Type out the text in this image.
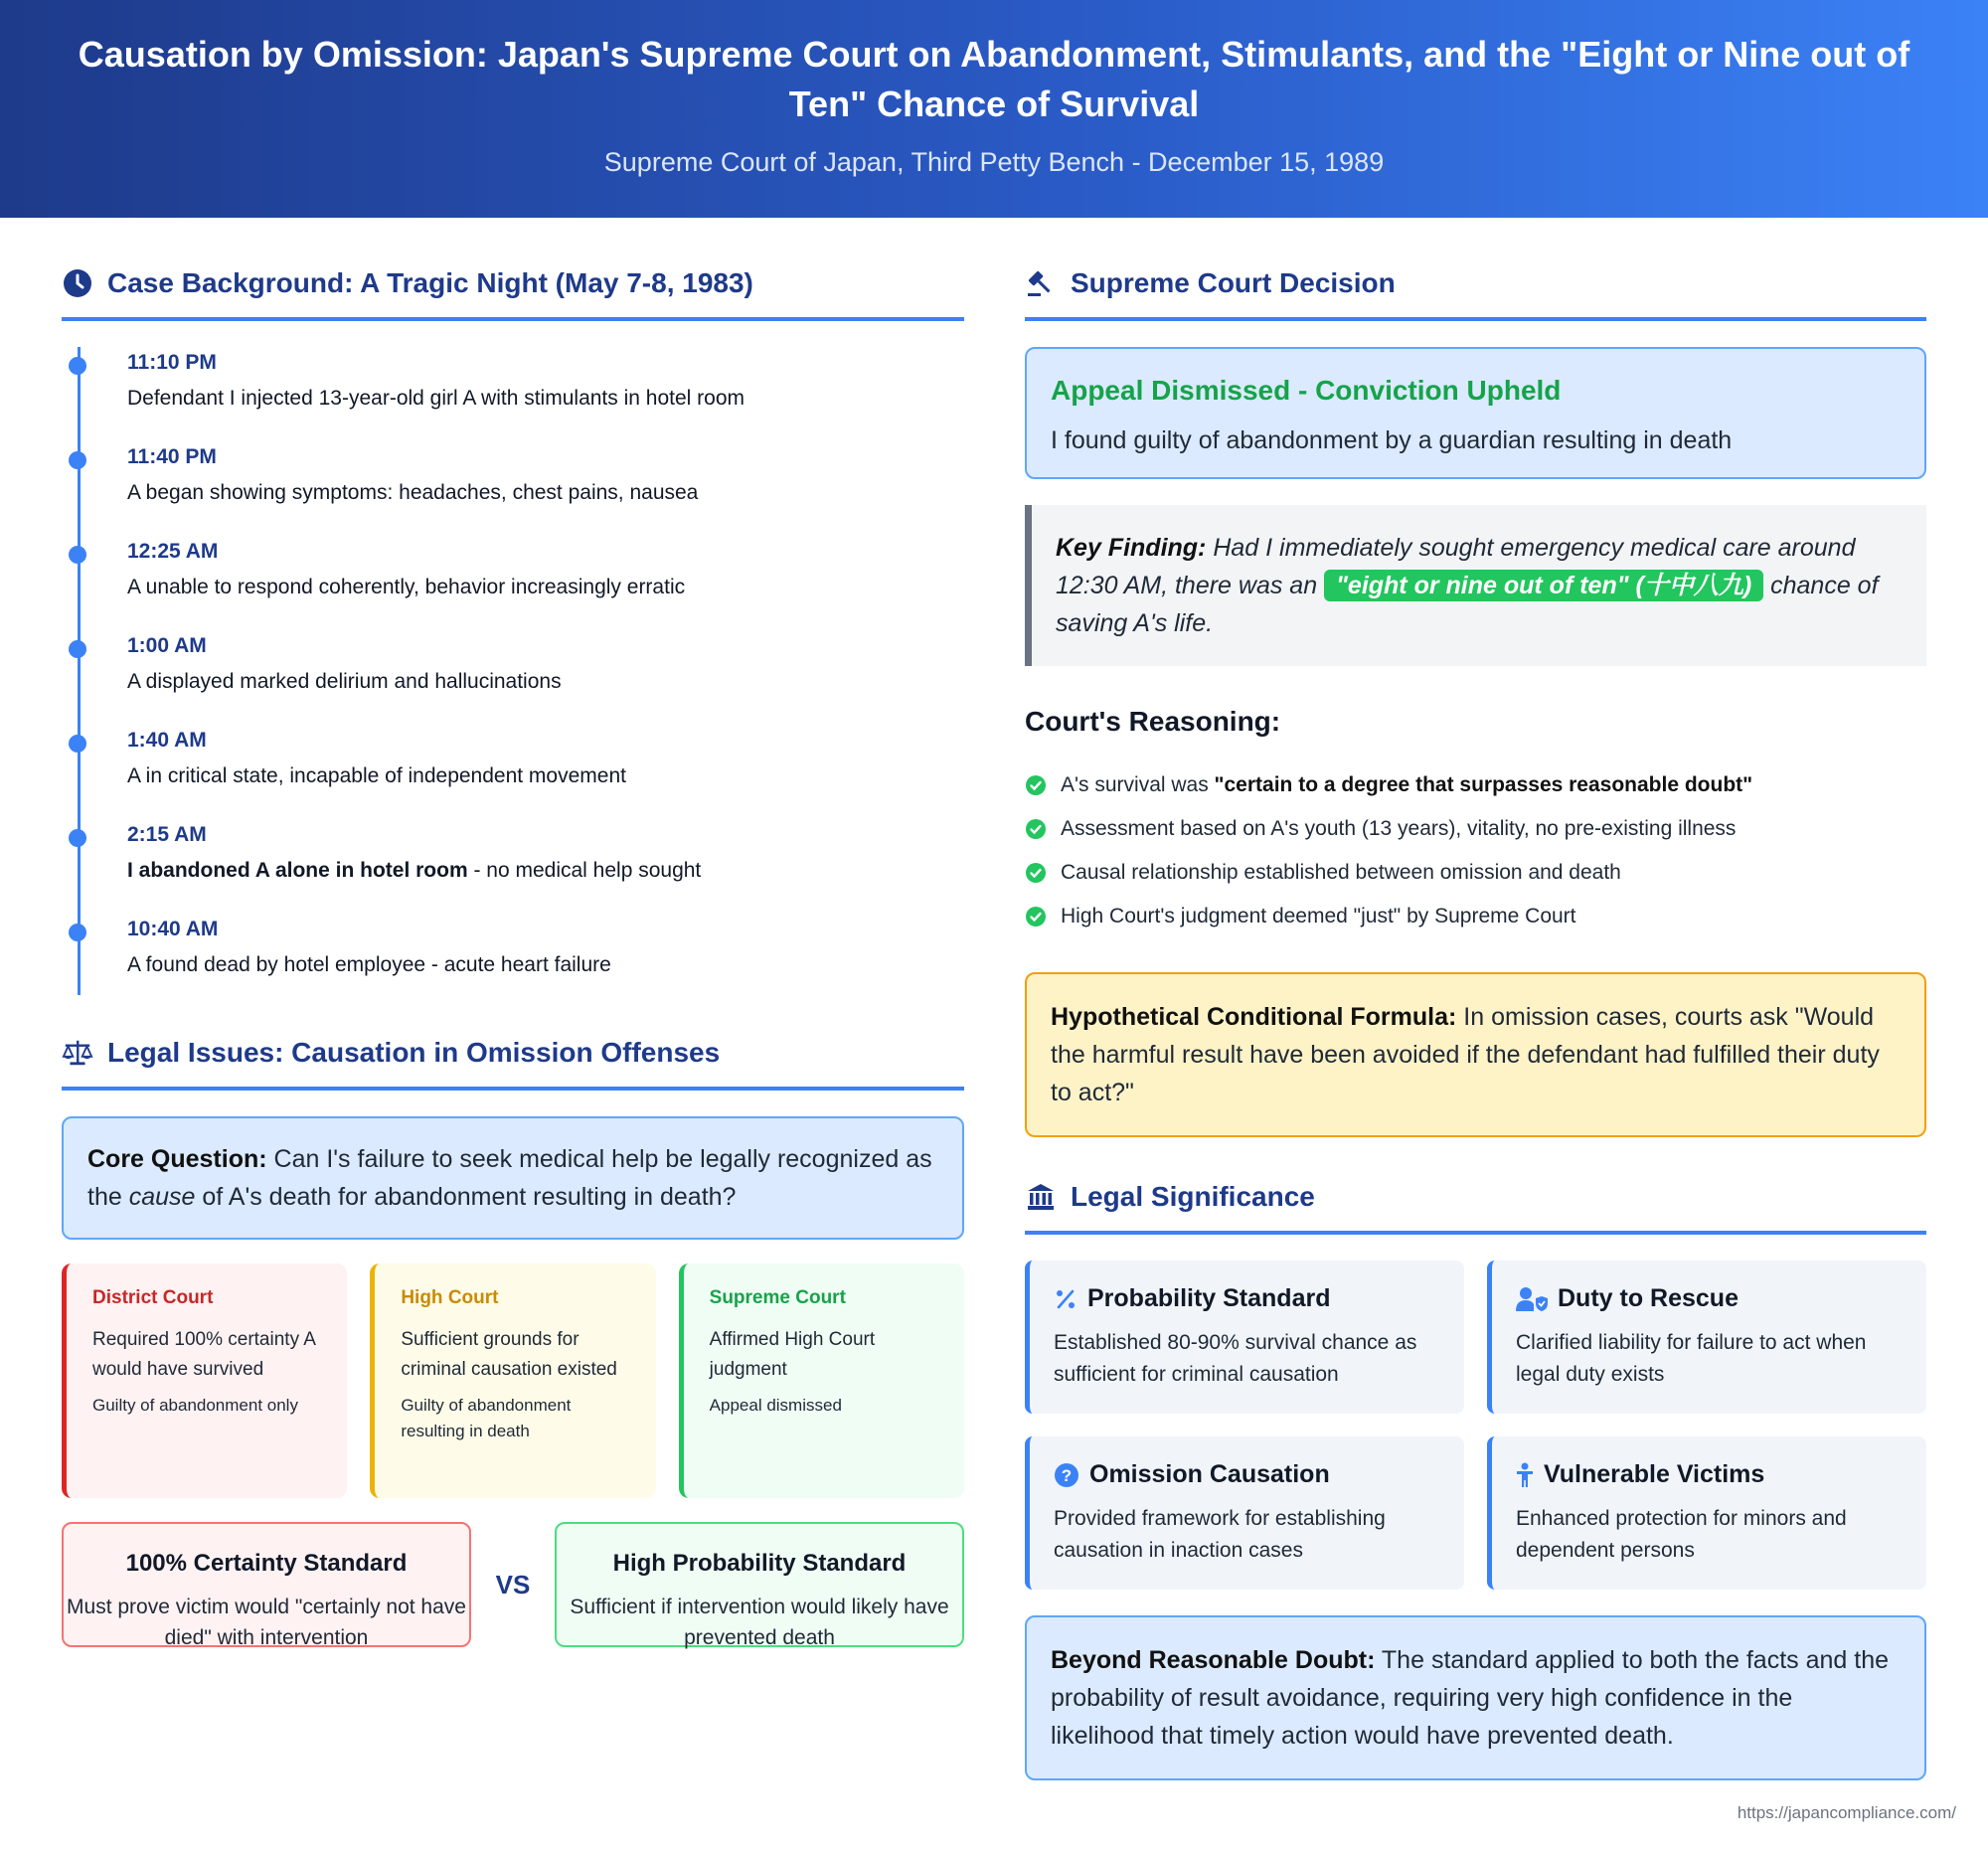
Causation by Omission: Japan's Supreme Court on Abandonment, Stimulants, and the "Eight or Nine out of Ten" Chance of Survival
Supreme Court of Japan, Third Petty Bench - December 15, 1989
Case Background: A Tragic Night (May 7-8, 1983)
11:10 PM
Defendant I injected 13-year-old girl A with stimulants in hotel room
11:40 PM
A began showing symptoms: headaches, chest pains, nausea
12:25 AM
A unable to respond coherently, behavior increasingly erratic
1:00 AM
A displayed marked delirium and hallucinations
1:40 AM
A in critical state, incapable of independent movement
2:15 AM
I abandoned A alone in hotel room - no medical help sought
10:40 AM
A found dead by hotel employee - acute heart failure
Legal Issues: Causation in Omission Offenses
Core Question: Can I's failure to seek medical help be legally recognized as the cause of A's death for abandonment resulting in death?
District Court
Required 100% certainty A would have survived
Guilty of abandonment only
High Court
Sufficient grounds for criminal causation existed
Guilty of abandonment resulting in death
Supreme Court
Affirmed High Court judgment
Appeal dismissed
100% Certainty Standard
Must prove victim would "certainly not have died" with intervention
VS
High Probability Standard
Sufficient if intervention would likely have prevented death
Supreme Court Decision
Appeal Dismissed - Conviction Upheld
I found guilty of abandonment by a guardian resulting in death
Key Finding: Had I immediately sought emergency medical care around 12:30 AM, there was an "eight or nine out of ten" (十中八九) chance of saving A's life.
Court's Reasoning:
A's survival was "certain to a degree that surpasses reasonable doubt"
Assessment based on A's youth (13 years), vitality, no pre-existing illness
Causal relationship established between omission and death
High Court's judgment deemed "just" by Supreme Court
Hypothetical Conditional Formula: In omission cases, courts ask "Would the harmful result have been avoided if the defendant had fulfilled their duty to act?"
Legal Significance
Probability Standard
Established 80-90% survival chance as sufficient for criminal causation
Duty to Rescue
Clarified liability for failure to act when legal duty exists
? Omission Causation
Provided framework for establishing causation in inaction cases
Vulnerable Victims
Enhanced protection for minors and dependent persons
Beyond Reasonable Doubt: The standard applied to both the facts and the probability of result avoidance, requiring very high confidence in the likelihood that timely action would have prevented death.
https://japancompliance.com/
